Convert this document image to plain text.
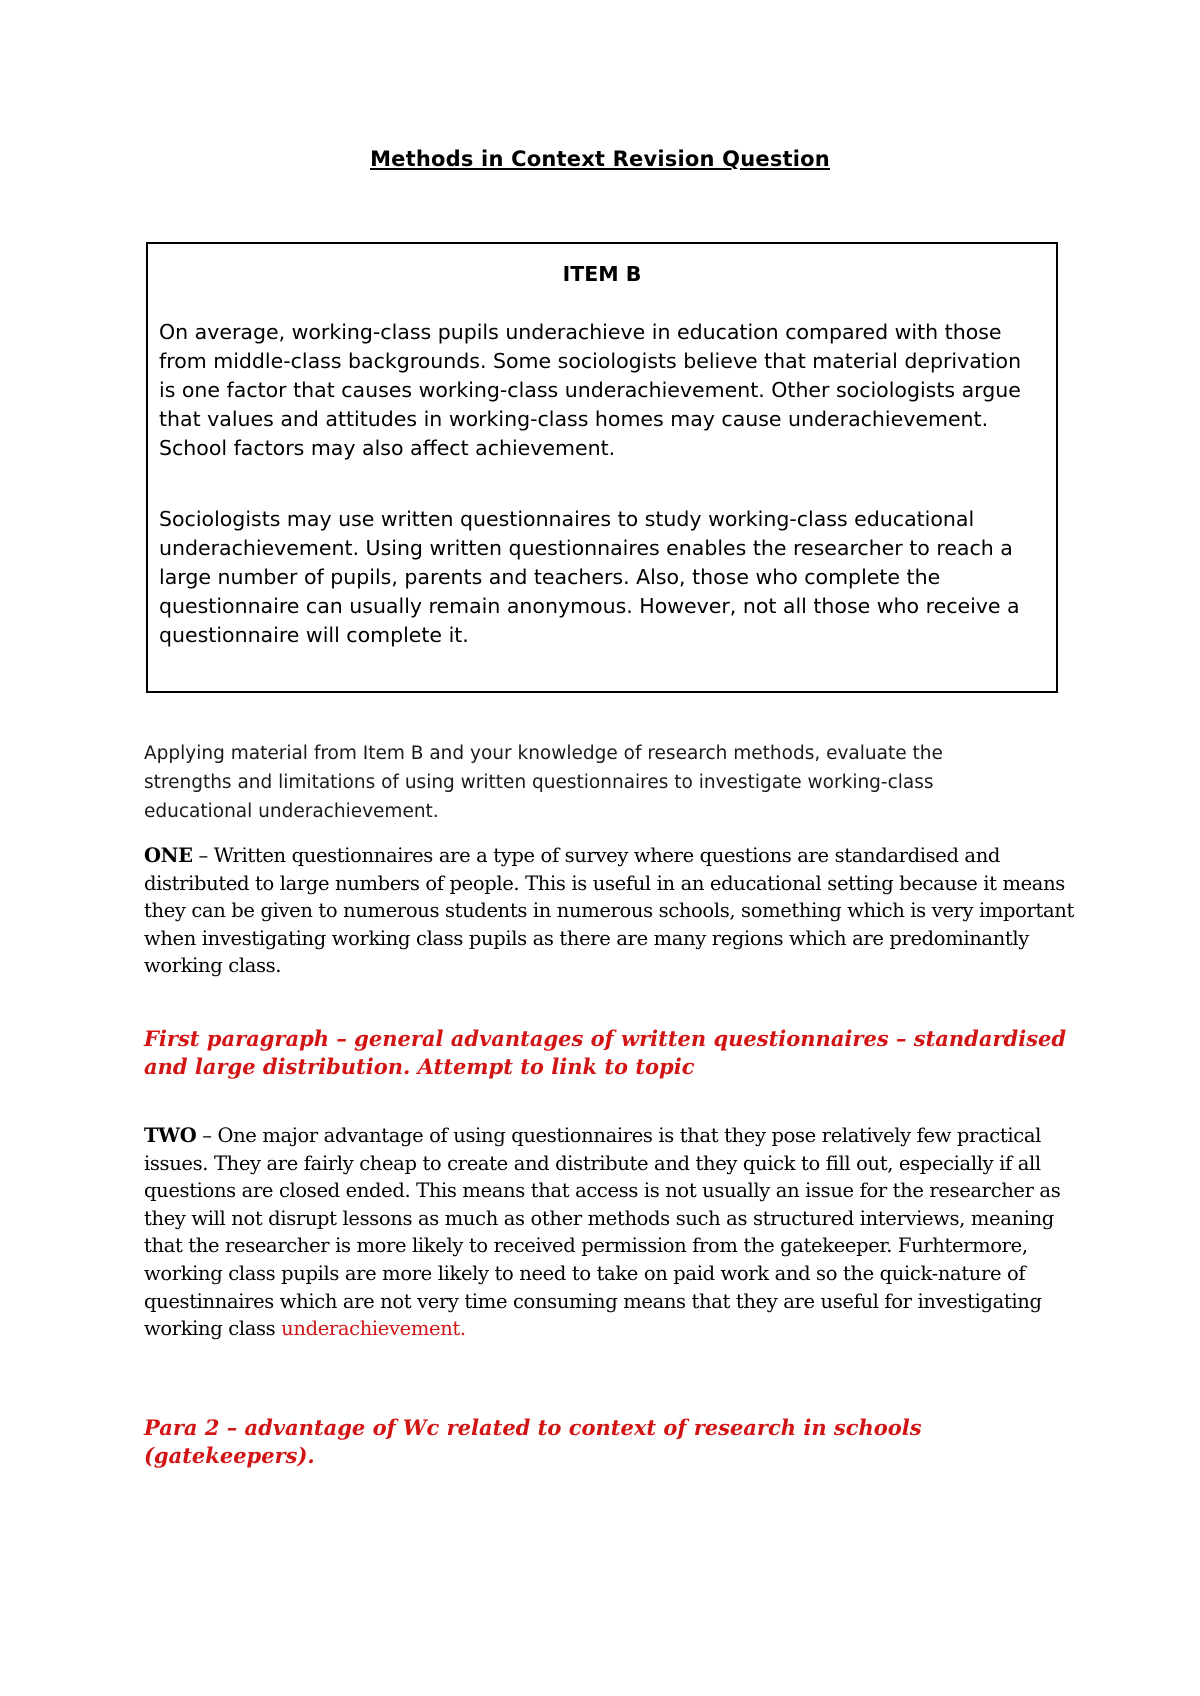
Methods in Context Revision Question
ITEM B

On average, working-class pupils underachieve in education compared with those from middle-class backgrounds. Some sociologists believe that material deprivation is one factor that causes working-class underachievement. Other sociologists argue that values and attitudes in working-class homes may cause underachievement. School factors may also affect achievement.

Sociologists may use written questionnaires to study working-class educational underachievement. Using written questionnaires enables the researcher to reach a large number of pupils, parents and teachers. Also, those who complete the questionnaire can usually remain anonymous. However, not all those who receive a questionnaire will complete it.

Applying material from Item B and your knowledge of research methods, evaluate the strengths and limitations of using written questionnaires to investigate working-class educational underachievement.

ONE – Written questionnaires are a type of survey where questions are standardised and distributed to large numbers of people. This is useful in an educational setting because it means they can be given to numerous students in numerous schools, something which is very important when investigating working class pupils as there are many regions which are predominantly working class.

First paragraph – general advantages of written questionnaires – standardised and large distribution. Attempt to link to topic

TWO – One major advantage of using questionnaires is that they pose relatively few practical issues. They are fairly cheap to create and distribute and they quick to fill out, especially if all questions are closed ended. This means that access is not usually an issue for the researcher as they will not disrupt lessons as much as other methods such as structured interviews, meaning that the researcher is more likely to received permission from the gatekeeper. Furhtermore, working class pupils are more likely to need to take on paid work and so the quick-nature of questinnaires which are not very time consuming means that they are useful for investigating working class underachievement.

Para 2 – advantage of Wc related to context of research in schools (gatekeepers).
